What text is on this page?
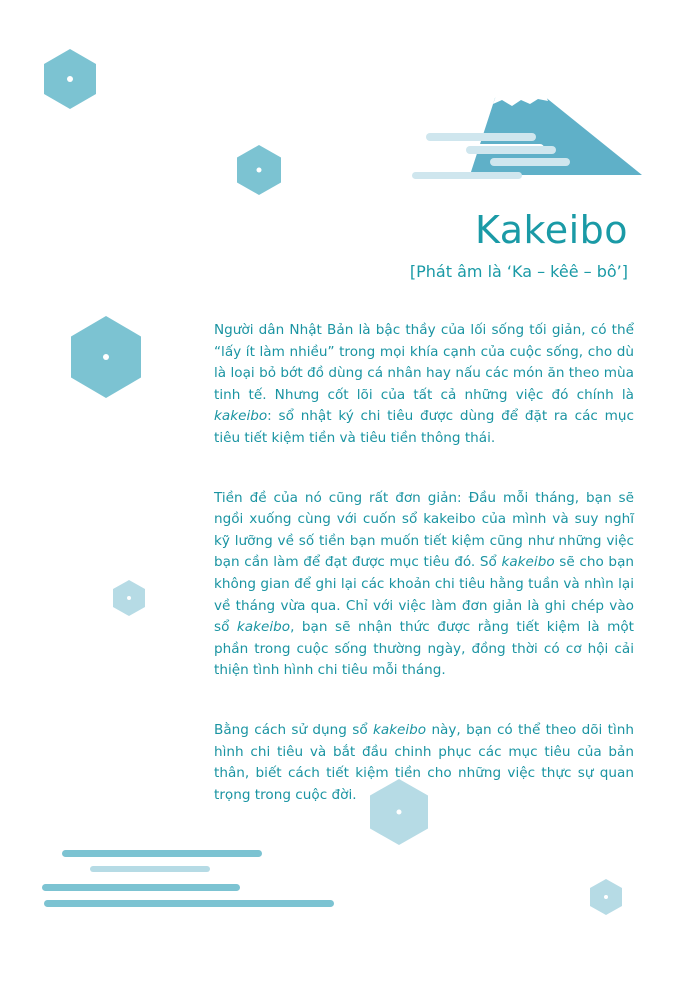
Kakeibo
[Phát âm là ‘Ka – kêê – bô’]

Người dân Nhật Bản là bậc thầy của lối sống tối giản, có thể “lấy ít làm nhiều” trong mọi khía cạnh của cuộc sống, cho dù là loại bỏ bớt đồ dùng cá nhân hay nấu các món ăn theo mùa tinh tế. Nhưng cốt lõi của tất cả những việc đó chính là kakeibo: sổ nhật ký chi tiêu được dùng để đặt ra các mục tiêu tiết kiệm tiền và tiêu tiền thông thái.

Tiền đề của nó cũng rất đơn giản: Đầu mỗi tháng, bạn sẽ ngồi xuống cùng với cuốn sổ kakeibo của mình và suy nghĩ kỹ lưỡng về số tiền bạn muốn tiết kiệm cũng như những việc bạn cần làm để đạt được mục tiêu đó. Sổ kakeibo sẽ cho bạn không gian để ghi lại các khoản chi tiêu hằng tuần và nhìn lại về tháng vừa qua. Chỉ với việc làm đơn giản là ghi chép vào sổ kakeibo, bạn sẽ nhận thức được rằng tiết kiệm là một phần trong cuộc sống thường ngày, đồng thời có cơ hội cải thiện tình hình chi tiêu mỗi tháng.

Bằng cách sử dụng sổ kakeibo này, bạn có thể theo dõi tình hình chi tiêu và bắt đầu chinh phục các mục tiêu của bản thân, biết cách tiết kiệm tiền cho những việc thực sự quan trọng trong cuộc đời.
